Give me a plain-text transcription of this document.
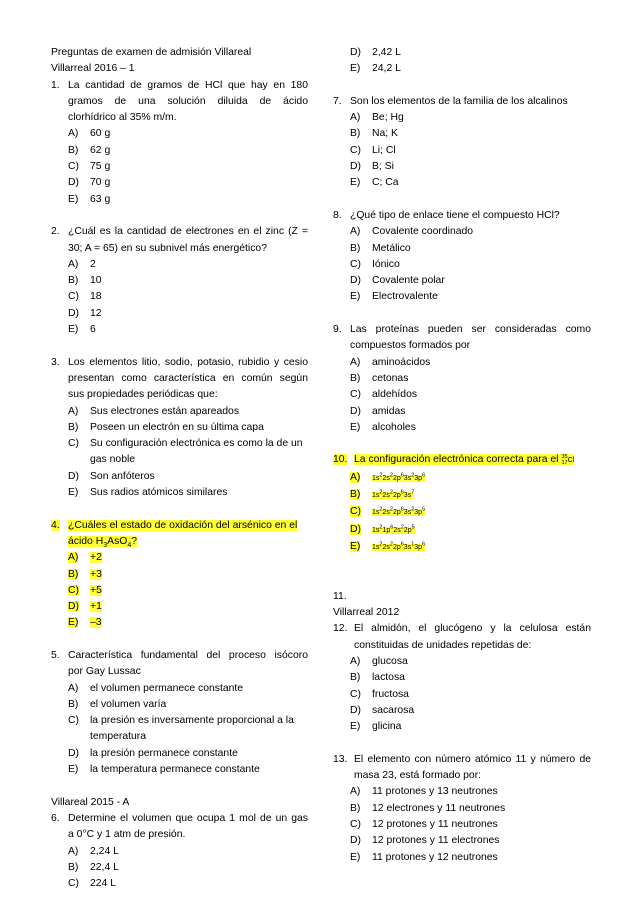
Preguntas de examen de admisión Villareal

Villarreal 2016 – 1

1. La cantidad de gramos de HCl que hay en 180
gramos de una solución diluida de ácido
clorhídrico al 35% m/m.
A)	60 g
B)	62 g
C)	75 g
D)	70 g
E)	63 g
2. ¿Cuál es la cantidad de electrones en el zinc (Z =
30; A = 65) en su subnivel más energético?
A)	2
B)	10
C)	18
D)	12
E)	6
3. Los elementos litio, sodio, potasio, rubidio y cesio
presentan como característica en común según
sus propiedades periódicas que:
A)	Sus electrones están apareados
B)	Poseen un electrón en su última capa
C)	Su configuración electrónica es como la de un
gas noble
D)	Son anfóteros
E)	Sus radios atómicos similares
4. ¿Cuáles el estado de oxidación del arsénico en el
ácido $H_3AsO_4$?
A)	+2
B)	+3
C)	+5
D)	+1
E)	–3
5. Característica fundamental del proceso isócoro
por Gay Lussac
A)	el volumen permanece constante
B)	el volumen varía
C)	la presión es inversamente proporcional a la
temperatura
D)	la presión permanece constante
E)	la temperatura permanece constante

Villareal 2015 - A

6. Determine el volumen que ocupa 1 mol de un gas
a 0°C y 1 atm de presión.
A)	2,24 L
B)	22,4 L
C)	224 L
D)	2,42 L
E)	24,2 L
7. Son los elementos de la familia de los alcalinos
A)	Be; Hg
B)	Na; K
C)	Li; Cl
D)	B; Si
E)	C; Ca
8. ¿Qué tipo de enlace tiene el compuesto HCl?
A)	Covalente coordinado
B)	Metálico
C)	Iónico
D)	Covalente polar
E)	Electrovalente
9. Las proteínas pueden ser consideradas como
compuestos formados por
A)	aminoácidos
B)	cetonas
C)	aldehídos
D)	amidas
E)	alcoholes
10. La configuración electrónica correcta para el 35
17 Cl
A)	$1s^22s^22p^63s^23p^6$
B)	$1s^22s^22p^63s^7$
C)	$1s^22s^22p^63s^23p^5$
D)	$1s^21p^62s^22p^5$
E)	$1s^22s^22p^63s^13p^6$
11.

Villarreal 2012

12. El almidón, el glucógeno y la celulosa están
constituidas de unidades repetidas de:
A)	glucosa
B)	lactosa
C)	fructosa
D)	sacarosa
E)	glicina
13. El elemento con número atómico 11 y número de
masa 23, está formado por:
A)	11 protones y 13 neutrones
B)	12 electrones y 11 neutrones
C)	12 protones y 11 neutrones
D)	12 protones y 11 electrones
E)	11 protones y 12 neutrones
